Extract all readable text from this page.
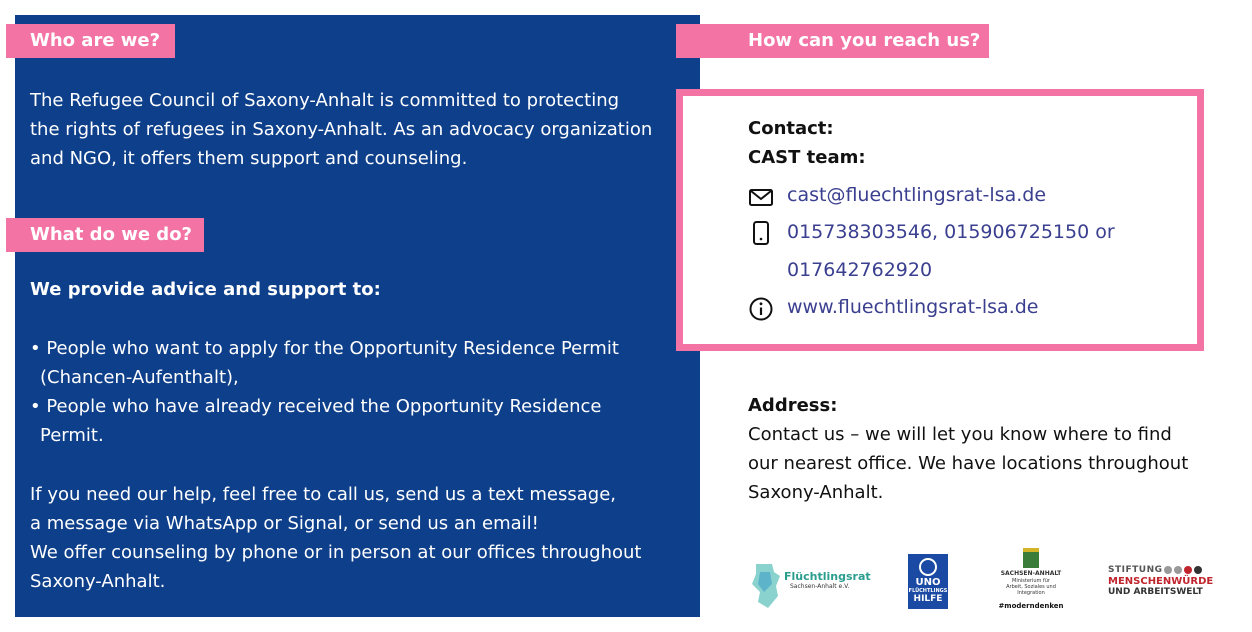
Who are we?
The Refugee Council of Saxony-Anhalt is committed to protecting
the rights of refugees in Saxony-Anhalt. As an advocacy organization
and NGO, it offers them support and counseling.
What do we do?
We provide advice and support to:
• People who want to apply for the Opportunity Residence Permit
(Chancen-Aufenthalt),
• People who have already received the Opportunity Residence
Permit.
If you need our help, feel free to call us, send us a text message,
a message via WhatsApp or Signal, or send us an email!
We offer counseling by phone or in person at our offices throughout
Saxony-Anhalt.
How can you reach us?
Contact:
CAST team:
cast@fluechtlingsrat-lsa.de
015738303546, 015906725150 or
017642762920
www.fluechtlingsrat-lsa.de
Address:
Contact us – we will let you know where to find
our nearest office. We have locations throughout
Saxony-Anhalt.
Flüchtlingsrat
Sachsen-Anhalt e.V.	UNO
FLÜCHTLINGS
HILFE
SACHSEN-ANHALT
Ministerium für
Arbeit, Soziales und
Integration
#moderndenken
STIFTUNG
MENSCHENWÜRDE
UND ARBEITSWELT
